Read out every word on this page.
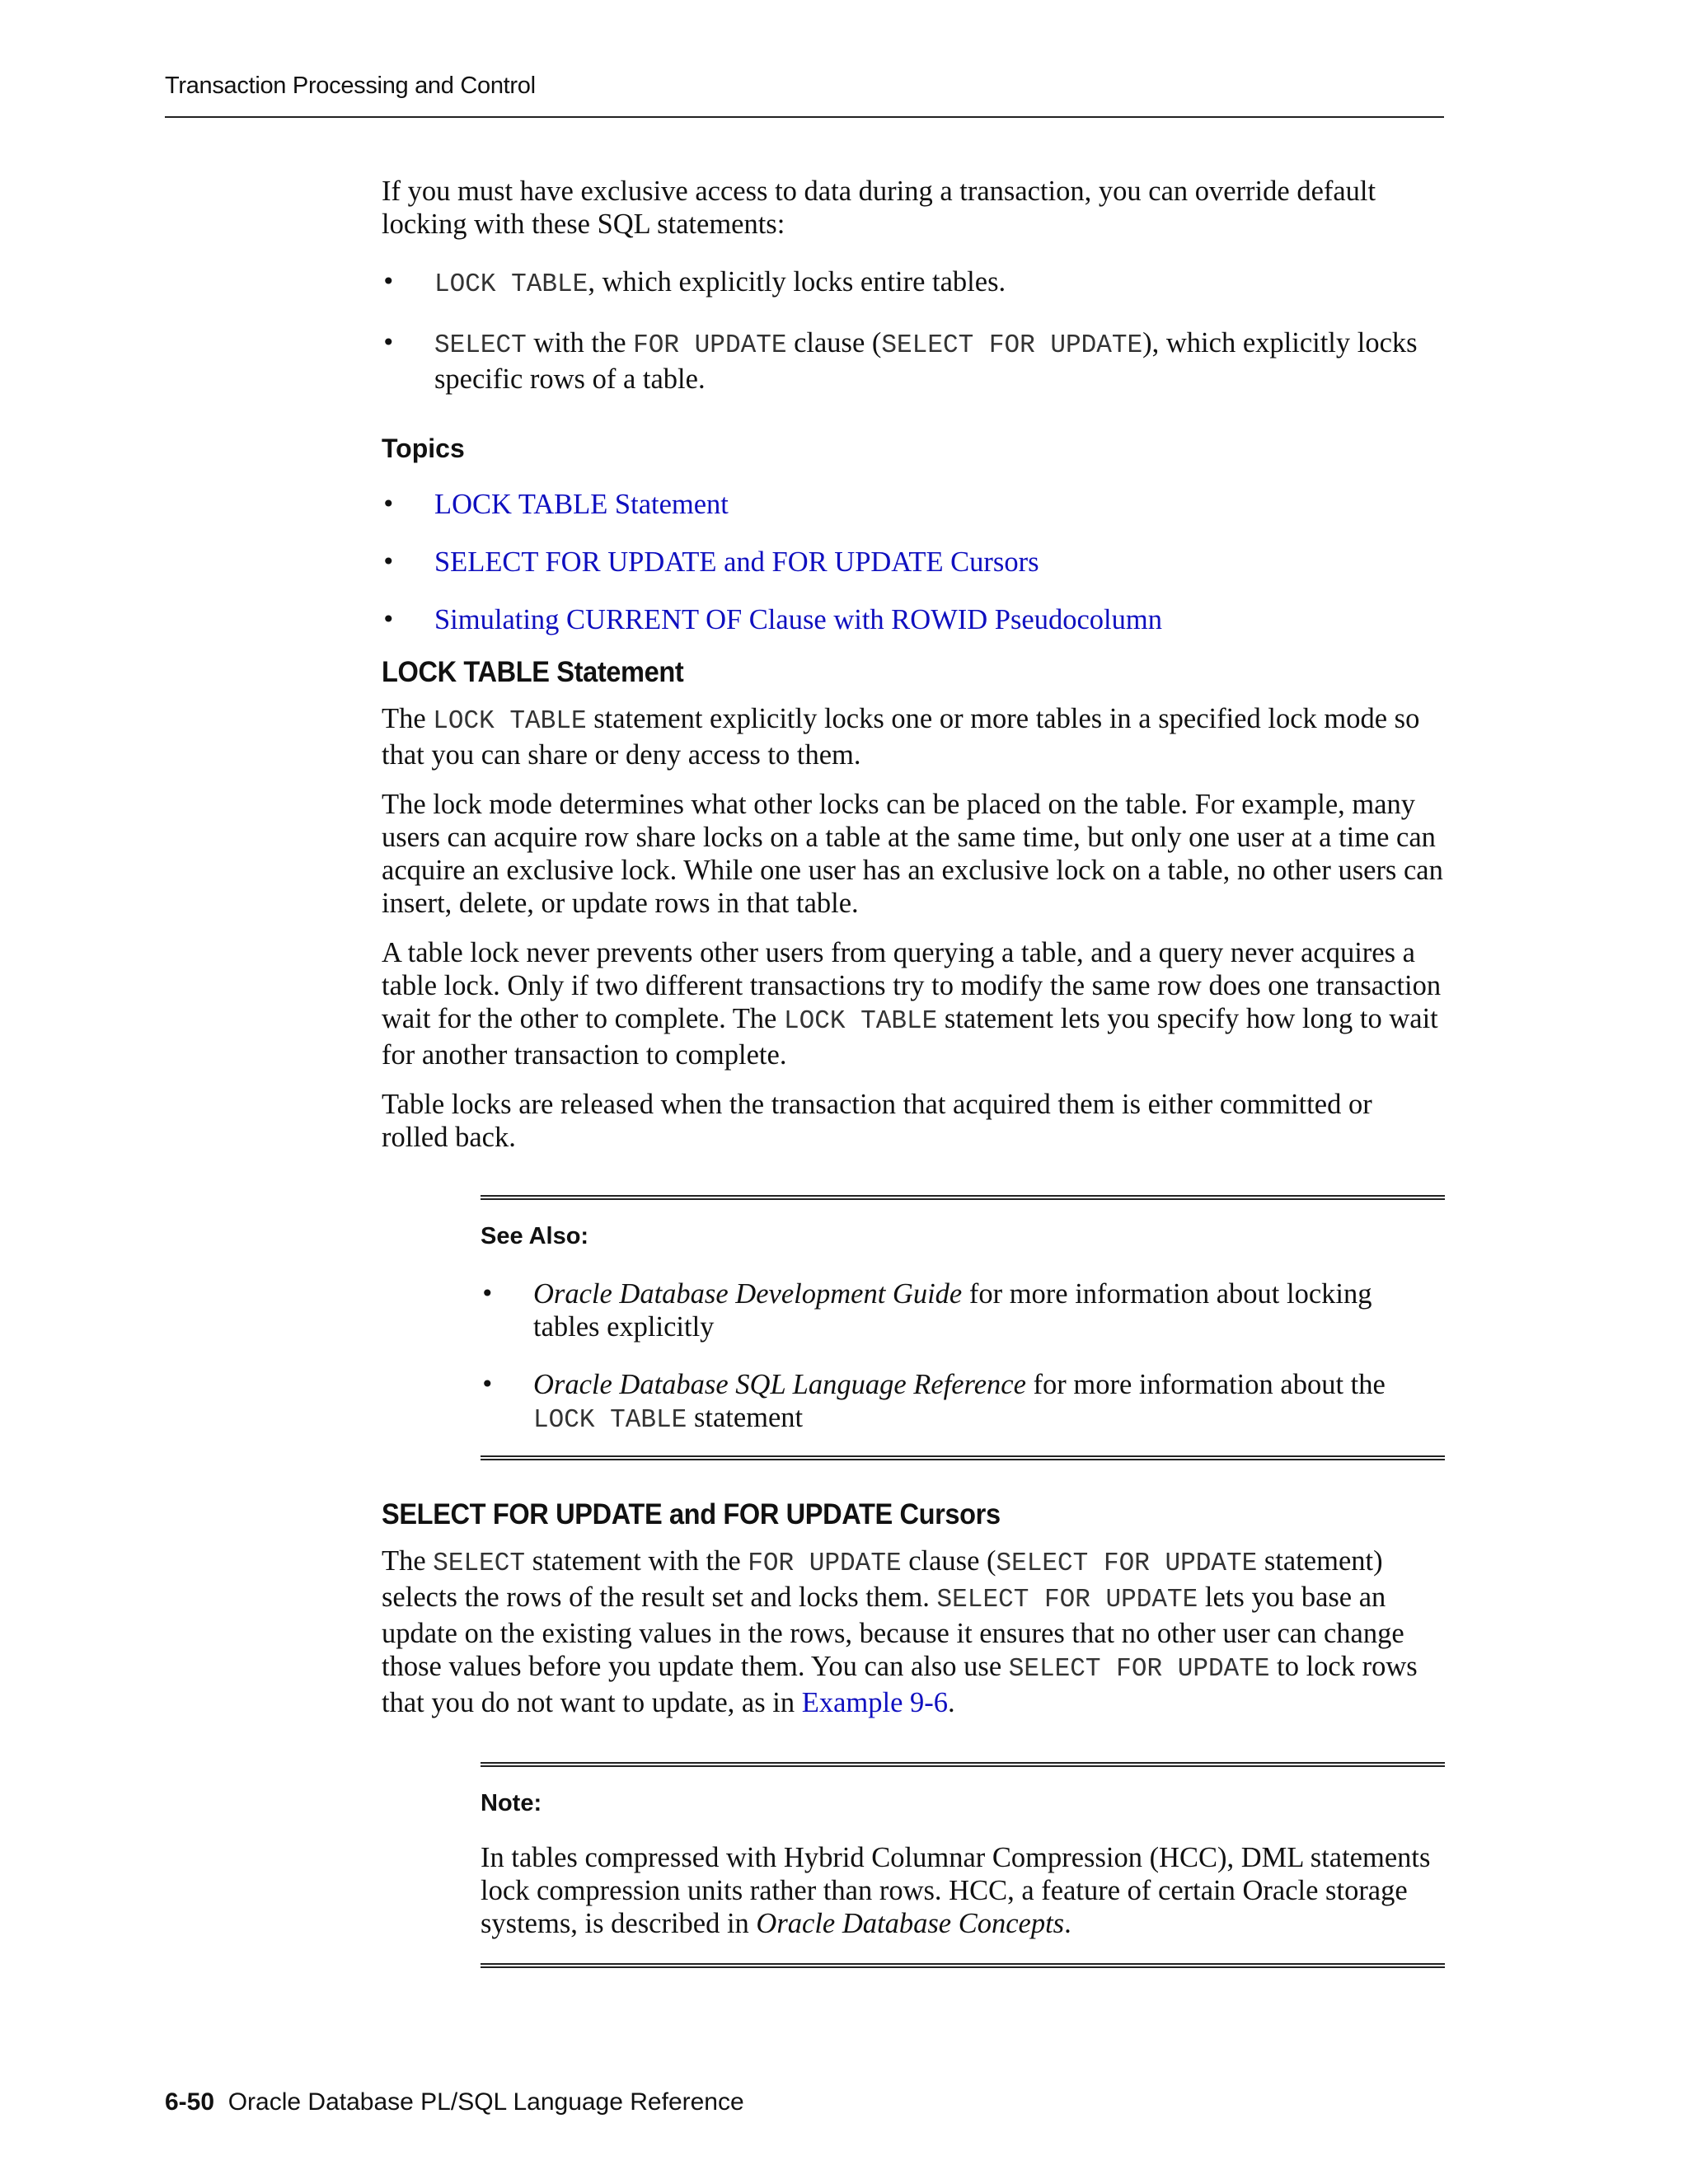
Transaction Processing and Control

If you must have exclusive access to data during a transaction, you can override default locking with these SQL statements:

• LOCK TABLE, which explicitly locks entire tables.
• SELECT with the FOR UPDATE clause (SELECT FOR UPDATE), which explicitly locks specific rows of a table.
Topics
• LOCK TABLE Statement
• SELECT FOR UPDATE and FOR UPDATE Cursors
• Simulating CURRENT OF Clause with ROWID Pseudocolumn
LOCK TABLE Statement

The LOCK TABLE statement explicitly locks one or more tables in a specified lock mode so that you can share or deny access to them.

The lock mode determines what other locks can be placed on the table. For example, many users can acquire row share locks on a table at the same time, but only one user at a time can acquire an exclusive lock. While one user has an exclusive lock on a table, no other users can insert, delete, or update rows in that table.

A table lock never prevents other users from querying a table, and a query never acquires a table lock. Only if two different transactions try to modify the same row does one transaction wait for the other to complete. The LOCK TABLE statement lets you specify how long to wait for another transaction to complete.

Table locks are released when the transaction that acquired them is either committed or rolled back.

See Also:
• Oracle Database Development Guide for more information about locking tables explicitly
• Oracle Database SQL Language Reference for more information about the LOCK TABLE statement
SELECT FOR UPDATE and FOR UPDATE Cursors

The SELECT statement with the FOR UPDATE clause (SELECT FOR UPDATE statement) selects the rows of the result set and locks them. SELECT FOR UPDATE lets you base an update on the existing values in the rows, because it ensures that no other user can change those values before you update them. You can also use SELECT FOR UPDATE to lock rows that you do not want to update, as in Example 9-6.

Note:

In tables compressed with Hybrid Columnar Compression (HCC), DML statements lock compression units rather than rows. HCC, a feature of certain Oracle storage systems, is described in Oracle Database Concepts.

6-50 Oracle Database PL/SQL Language Reference
